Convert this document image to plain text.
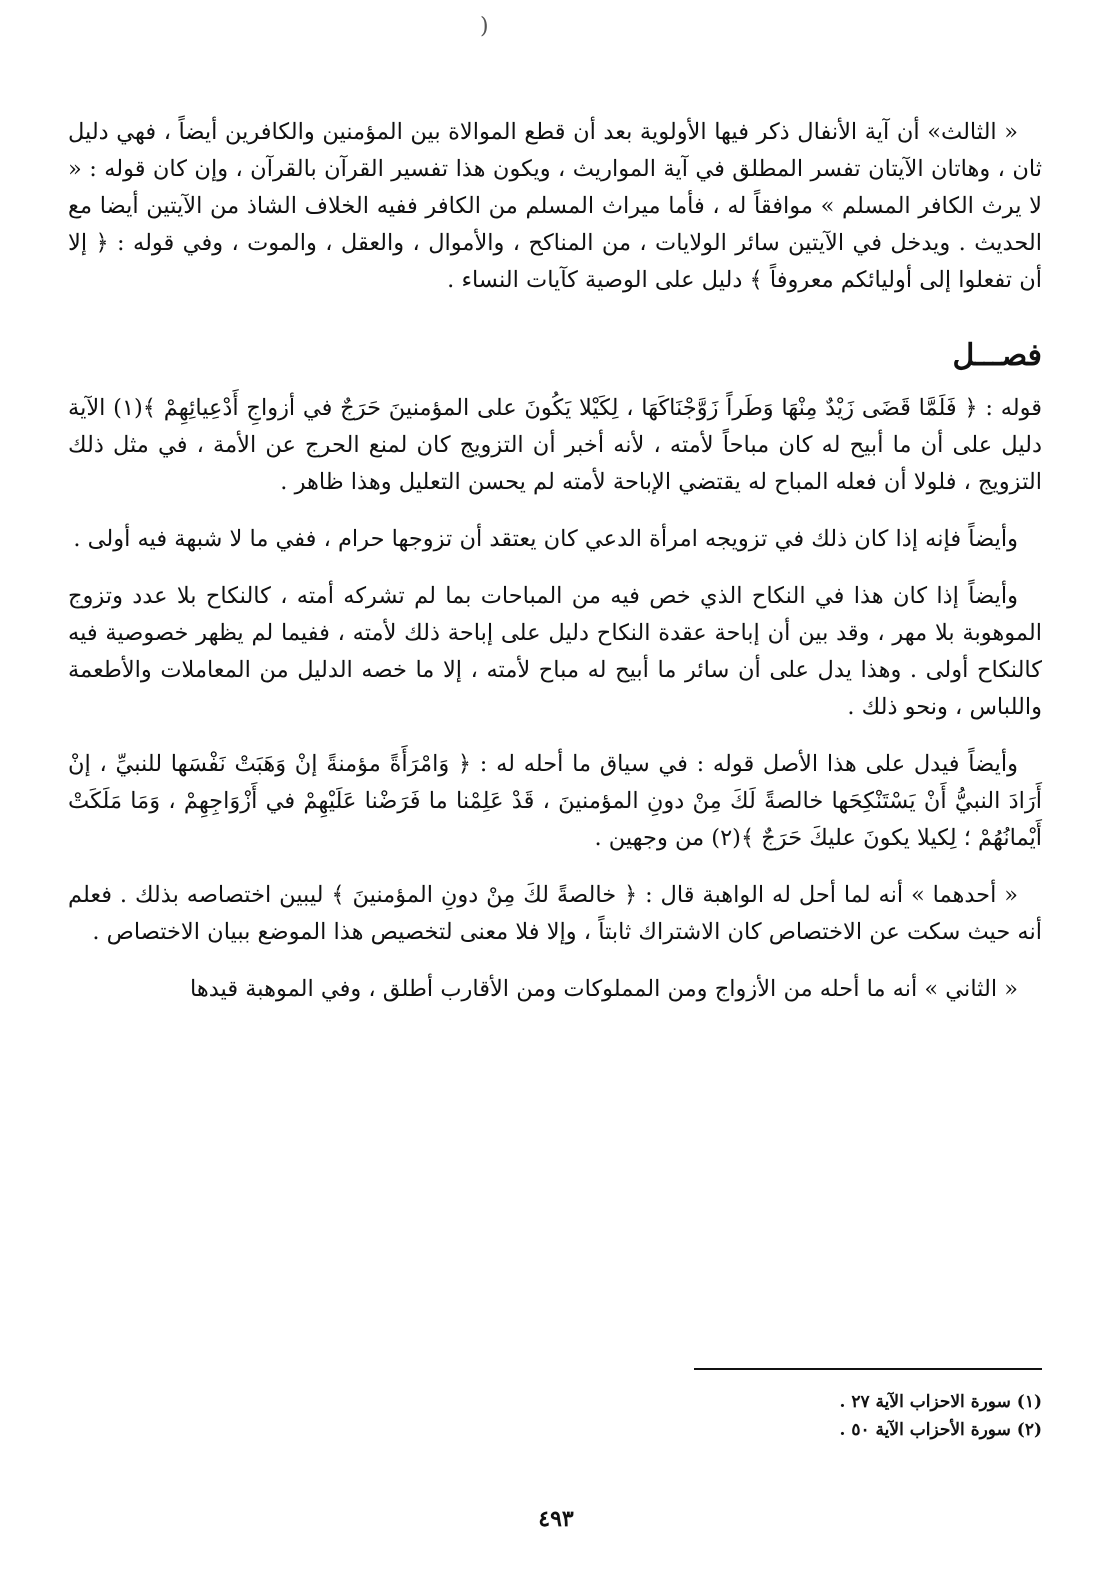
(

« الثالث» أن آية الأنفال ذكر فيها الأولوية بعد أن قطع الموالاة بين المؤمنين والكافرين أيضاً ، فهي دليل ثان ، وهاتان الآيتان تفسر المطلق في آية المواريث ، ويكون هذا تفسير القرآن بالقرآن ، وإن كان قوله : « لا يرث الكافر المسلم » موافقاً له ، فأما ميراث المسلم من الكافر ففيه الخلاف الشاذ من الآيتين أيضا مع الحديث . ويدخل في الآيتين سائر الولايات ، من المناكح ، والأموال ، والعقل ، والموت ، وفي قوله : ﴿ إلا أن تفعلوا إلى أوليائكم معروفاً ﴾ دليل على الوصية كآيات النساء .

فصـــل

قوله : ﴿ فَلَمَّا قَضَى زَيْدٌ مِنْهَا وَطَراً زَوَّجْنَاكَهَا ، لِكَيْلا يَكُونَ على المؤمنينَ حَرَجٌ في أزواجِ أَدْعِيائِهِمْ ﴾(١) الآية دليل على أن ما أبيح له كان مباحاً لأمته ، لأنه أخبر أن التزويج كان لمنع الحرج عن الأمة ، في مثل ذلك التزويج ، فلولا أن فعله المباح له يقتضي الإباحة لأمته لم يحسن التعليل وهذا ظاهر .

وأيضاً فإنه إذا كان ذلك في تزويجه امرأة الدعي كان يعتقد أن تزوجها حرام ، ففي ما لا شبهة فيه أولى .

وأيضاً إذا كان هذا في النكاح الذي خص فيه من المباحات بما لم تشركه أمته ، كالنكاح بلا عدد وتزوج الموهوبة بلا مهر ، وقد بين أن إباحة عقدة النكاح دليل على إباحة ذلك لأمته ، ففيما لم يظهر خصوصية فيه كالنكاح أولى . وهذا يدل على أن سائر ما أبيح له مباح لأمته ، إلا ما خصه الدليل من المعاملات والأطعمة واللباس ، ونحو ذلك .

وأيضاً فيدل على هذا الأصل قوله : في سياق ما أحله له : ﴿ وَامْرَأَةً مؤمنةً إنْ وَهَبَتْ نَفْسَها للنبيِّ ، إنْ أَرَادَ النبيُّ أَنْ يَسْتَنْكِحَها خالصةً لَكَ مِنْ دونِ المؤمنينَ ، قَدْ عَلِمْنا ما فَرَضْنا عَلَيْهِمْ في أَزْوَاجِهِمْ ، وَمَا مَلَكَتْ أَيْمانُهُمْ ؛ لِكيلا يكونَ عليكَ حَرَجٌ ﴾(٢) من وجهين .

« أحدهما » أنه لما أحل له الواهبة قال : ﴿ خالصةً لكَ مِنْ دونِ المؤمنينَ ﴾ ليبين اختصاصه بذلك . فعلم أنه حيث سكت عن الاختصاص كان الاشتراك ثابتاً ، وإلا فلا معنى لتخصيص هذا الموضع ببيان الاختصاص .

« الثاني » أنه ما أحله من الأزواج ومن المملوكات ومن الأقارب أطلق ، وفي الموهبة قيدها

(١) سورة الاحزاب الآية ٢٧ .

(٢) سورة الأحزاب الآية ٥٠ .

٤٩٣
